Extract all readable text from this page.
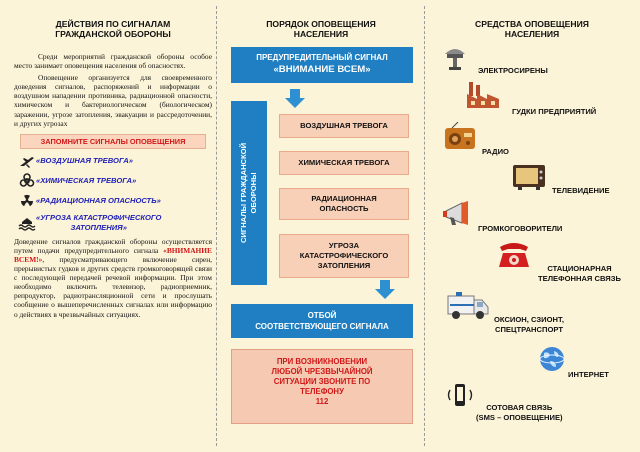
ДЕЙСТВИЯ ПО СИГНАЛАМ
ГРАЖДАНСКОЙ ОБОРОНЫ

Среди мероприятий гражданской обороны особое место занимает оповещения населения об опасностях.

Оповещение организуется для своевременного доведения сигналов, распоряжений и информации о воздушном нападении противника, радиационной опасности, химическом и бактериологическом (биологическом) заражении, угрозе затопления, эвакуации и рассредоточении, и других угрозах

ЗАПОМНИТЕ СИГНАЛЫ ОПОВЕЩЕНИЯ
«ВОЗДУШНАЯ ТРЕВОГА»
«ХИМИЧЕСКАЯ ТРЕВОГА»
«РАДИАЦИОННАЯ ОПАСНОСТЬ»
«УГРОЗА КАТАСТРОФИЧЕСКОГО
ЗАТОПЛЕНИЯ»

Доведение сигналов гражданской обороны осуществляется путем подачи предупредительного сигнала «ВНИМАНИЕ ВСЕМ!», предусматривающего включение сирен, прерывистых гудков и других средств громкоговорящей связи с последующей передачей речевой информации. При этом необходимо включить телевизор, радиоприемник, репродуктор, радиотрансляционной сети и прослушать сообщение о вышеперечисленных сигналах или информацию о действиях в чрезвычайных ситуациях.

ПОРЯДОК ОПОВЕЩЕНИЯ
НАСЕЛЕНИЯ
ПРЕДУПРЕДИТЕЛЬНЫЙ СИГНАЛ
«ВНИМАНИЕ ВСЕМ»
СИГНАЛЫ ГРАЖДАНСКОЙ ОБОРОНЫ
ВОЗДУШНАЯ ТРЕВОГА
ХИМИЧЕСКАЯ ТРЕВОГА
РАДИАЦИОННАЯ
ОПАСНОСТЬ
УГРОЗА
КАТАСТРОФИЧЕСКОГО
ЗАТОПЛЕНИЯ
ОТБОЙ
СООТВЕТСТВУЮЩЕГО СИГНАЛА
ПРИ ВОЗНИКНОВЕНИИ
ЛЮБОЙ ЧРЕЗВЫЧАЙНОЙ
СИТУАЦИИ ЗВОНИТЕ ПО
ТЕЛЕФОНУ
112
СРЕДСТВА ОПОВЕЩЕНИЯ
НАСЕЛЕНИЯ
ЭЛЕКТРОСИРЕНЫ
ГУДКИ ПРЕДПРИЯТИЙ
РАДИО
ТЕЛЕВИДЕНИЕ
ГРОМКОГОВОРИТЕЛИ
СТАЦИОНАРНАЯ
ТЕЛЕФОННАЯ СВЯЗЬ
ОКСИОН, СЗИОНТ,
СПЕЦТРАНСПОРТ
ИНТЕРНЕТ
СОТОВАЯ СВЯЗЬ
(SMS – ОПОВЕЩЕНИЕ)
